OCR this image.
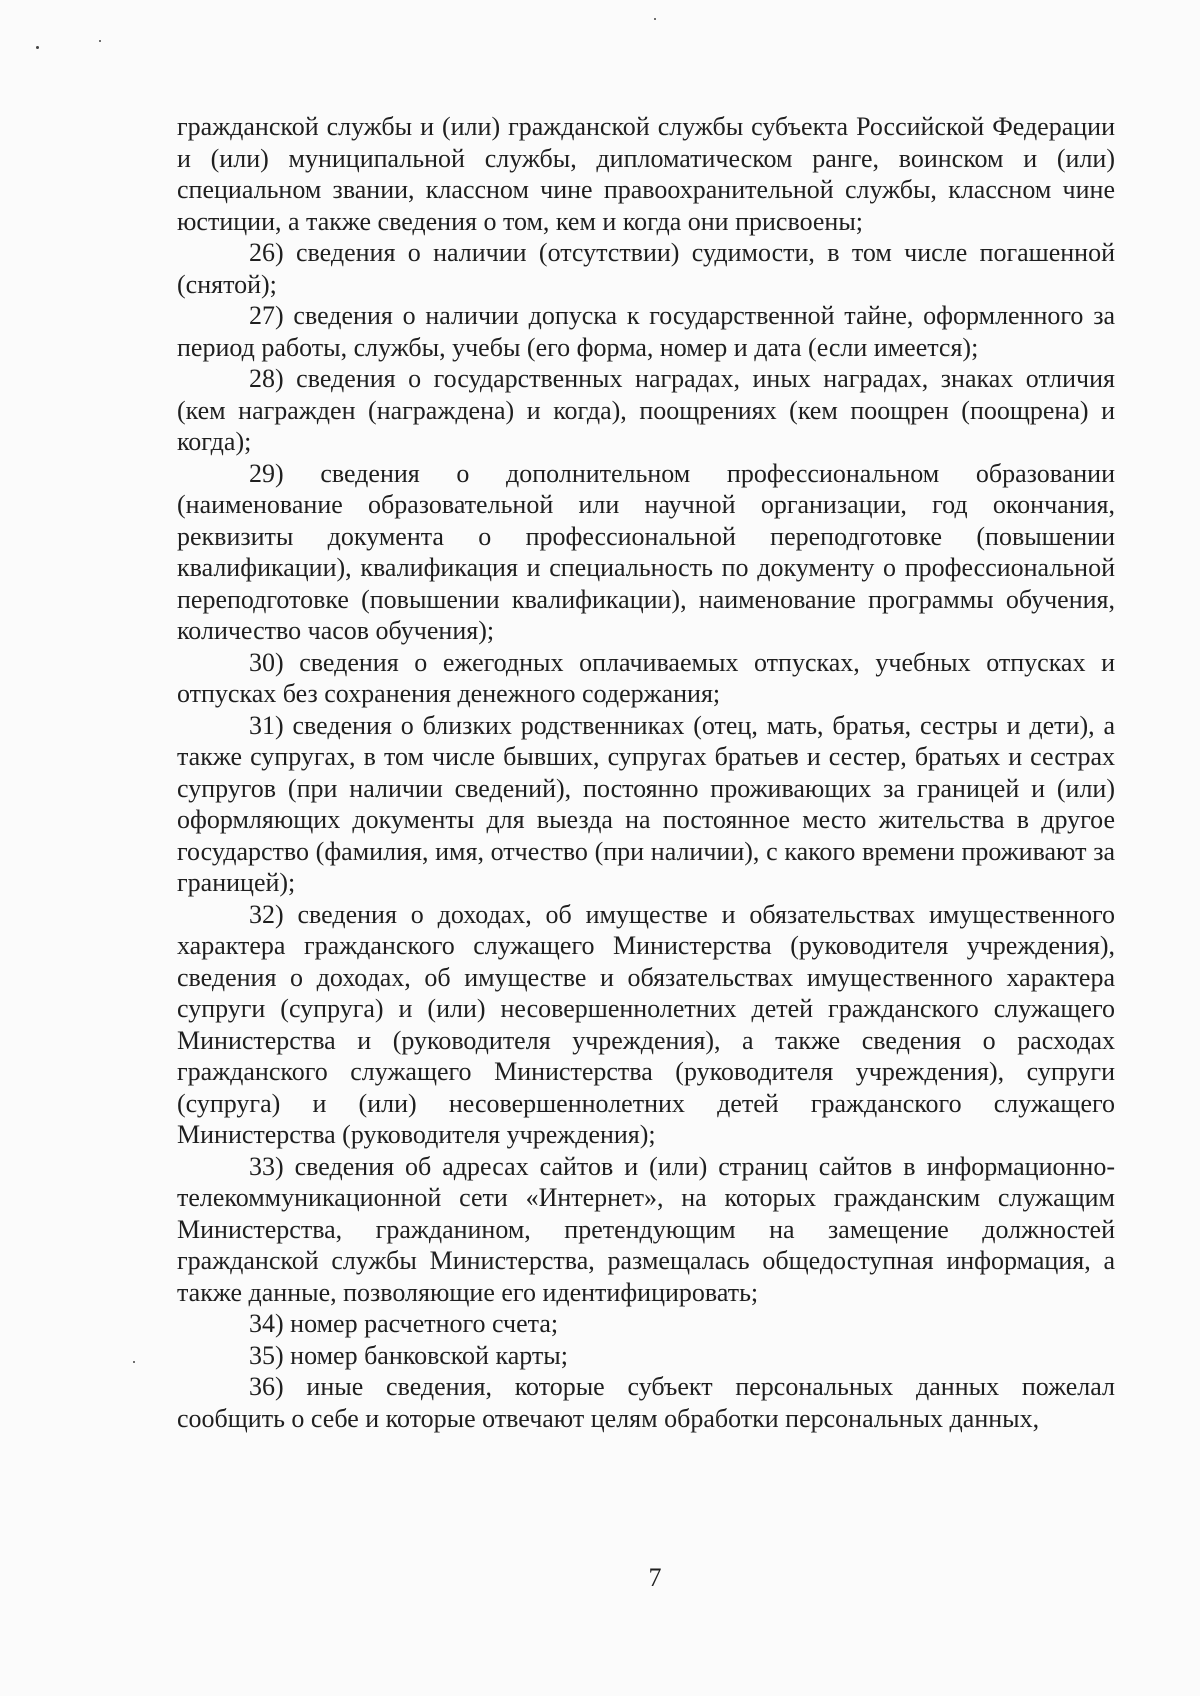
гражданской службы и (или) гражданской службы субъекта Российской Федерации и (или) муниципальной службы, дипломатическом ранге, воинском и (или) специальном звании, классном чине правоохранительной службы, классном чине юстиции, а также сведения о том, кем и когда они присвоены;

26) сведения о наличии (отсутствии) судимости, в том числе погашенной (снятой);

27) сведения о наличии допуска к государственной тайне, оформленного за период работы, службы, учебы (его форма, номер и дата (если имеется);

28) сведения о государственных наградах, иных наградах, знаках отличия (кем награжден (награждена) и когда), поощрениях (кем поощрен (поощрена) и когда);

29) сведения о дополнительном профессиональном образовании (наименование образовательной или научной организации, год окончания, реквизиты документа о профессиональной переподготовке (повышении квалификации), квалификация и специальность по документу о профессиональной переподготовке (повышении квалификации), наименование программы обучения, количество часов обучения);

30) сведения о ежегодных оплачиваемых отпусках, учебных отпусках и отпусках без сохранения денежного содержания;

31) сведения о близких родственниках (отец, мать, братья, сестры и дети), а также супругах, в том числе бывших, супругах братьев и сестер, братьях и сестрах супругов (при наличии сведений), постоянно проживающих за границей и (или) оформляющих документы для выезда на постоянное место жительства в другое государство (фамилия, имя, отчество (при наличии), с какого времени проживают за границей);

32) сведения о доходах, об имуществе и обязательствах имущественного характера гражданского служащего Министерства (руководителя учреждения), сведения о доходах, об имуществе и обязательствах имущественного характера супруги (супруга) и (или) несовершеннолетних детей гражданского служащего Министерства и (руководителя учреждения), а также сведения о расходах гражданского служащего Министерства (руководителя учреждения), супруги (супруга) и (или) несовершеннолетних детей гражданского служащего Министерства (руководителя учреждения);

33) сведения об адресах сайтов и (или) страниц сайтов в информационно-телекоммуникационной сети «Интернет», на которых гражданским служащим Министерства, гражданином, претендующим на замещение должностей гражданской службы Министерства, размещалась общедоступная информация, а также данные, позволяющие его идентифицировать;

34) номер расчетного счета;

35) номер банковской карты;

36) иные сведения, которые субъект персональных данных пожелал сообщить о себе и которые отвечают целям обработки персональных данных,

7
